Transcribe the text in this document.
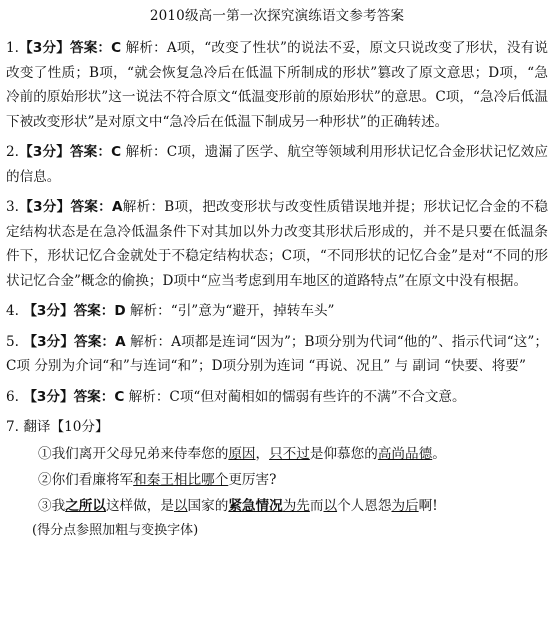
2010级高一第一次探究演练语文参考答案
1.【3分】答案：C 解析：A项，“改变了性状”的说法不妥，原文只说改变了形状，没有说改变了性质；B项，“就会恢复急冷后在低温下所制成的形状”篡改了原文意思；D项，“急冷前的原始形状”这一说法不符合原文“低温变形前的原始形状”的意思。C项，“急冷后低温下被改变形状”是对原文中“急冷后在低温下制成另一种形状”的正确转述。
2.【3分】答案：C 解析：C项，遗漏了医学、航空等领域利用形状记忆合金形状记忆效应的信息。
3.【3分】答案：A解析：B项，把改变形状与改变性质错误地并提；形状记忆合金的不稳定结构状态是在急冷低温条件下对其加以外力改变其形状后形成的，并不是只要在低温条件下，形状记忆合金就处于不稳定结构状态；C项，“不同形状的记忆合金”是对“不同的形状记忆合金”概念的偷换；D项中“应当考虑到用车地区的道路特点”在原文中没有根据。
4. 【3分】答案：D 解析：“引”意为“避开，掉转车头”
5. 【3分】答案：A 解析：A项都是连词“因为”；B项分别为代词“他的”、指示代词“这”；C项 分别为介词“和”与连词“和”；D项分别为连词 “再说、况且” 与 副词 “快要、将要”
6. 【3分】答案：C 解析：C项“但对蔺相如的懦弱有些许的不满”不合文意。
7. 翻译【10分】
①我们离开父母兄弟来侍奉您的原因，只不过是仰慕您的高尚品德。
②你们看廉将军和秦王相比哪个更厉害?
③我之所以这样做，是以国家的紧急情况为先而以个人恩怨为后啊!
(得分点参照加粗与变换字体)
